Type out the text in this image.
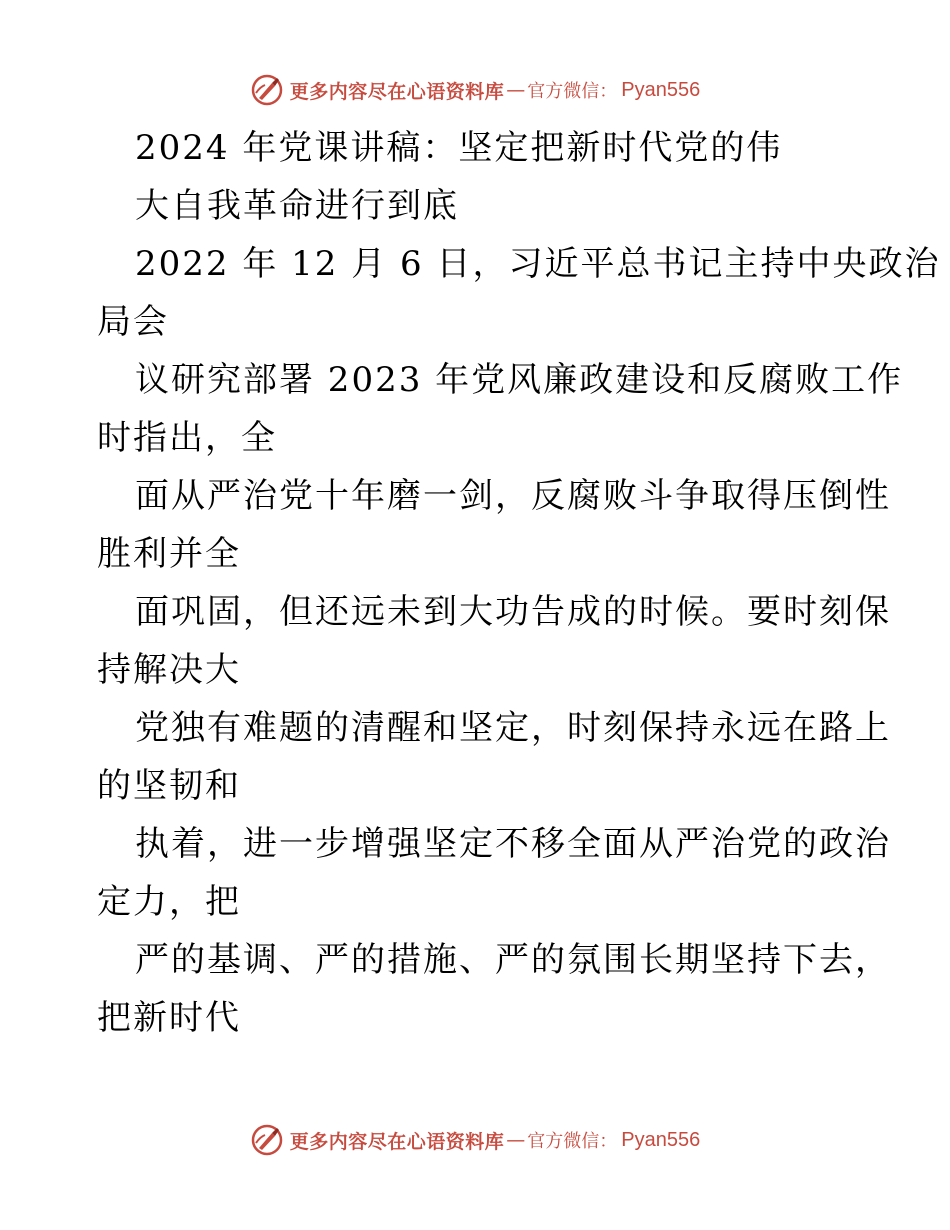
更多内容尽在心语资料库 — 官方微信： Pyan556
2024 年党课讲稿：坚定把新时代党的伟
大自我革命进行到底
2022 年 12 月 6 日，习近平总书记主持中央政治
局会
议研究部署 2023 年党风廉政建设和反腐败工作
时指出，全
面从严治党十年磨一剑，反腐败斗争取得压倒性
胜利并全
面巩固，但还远未到大功告成的时候。要时刻保
持解决大
党独有难题的清醒和坚定，时刻保持永远在路上
的坚韧和
执着，进一步增强坚定不移全面从严治党的政治
定力，把
严的基调、严的措施、严的氛围长期坚持下去，
把新时代
更多内容尽在心语资料库 — 官方微信： Pyan556
